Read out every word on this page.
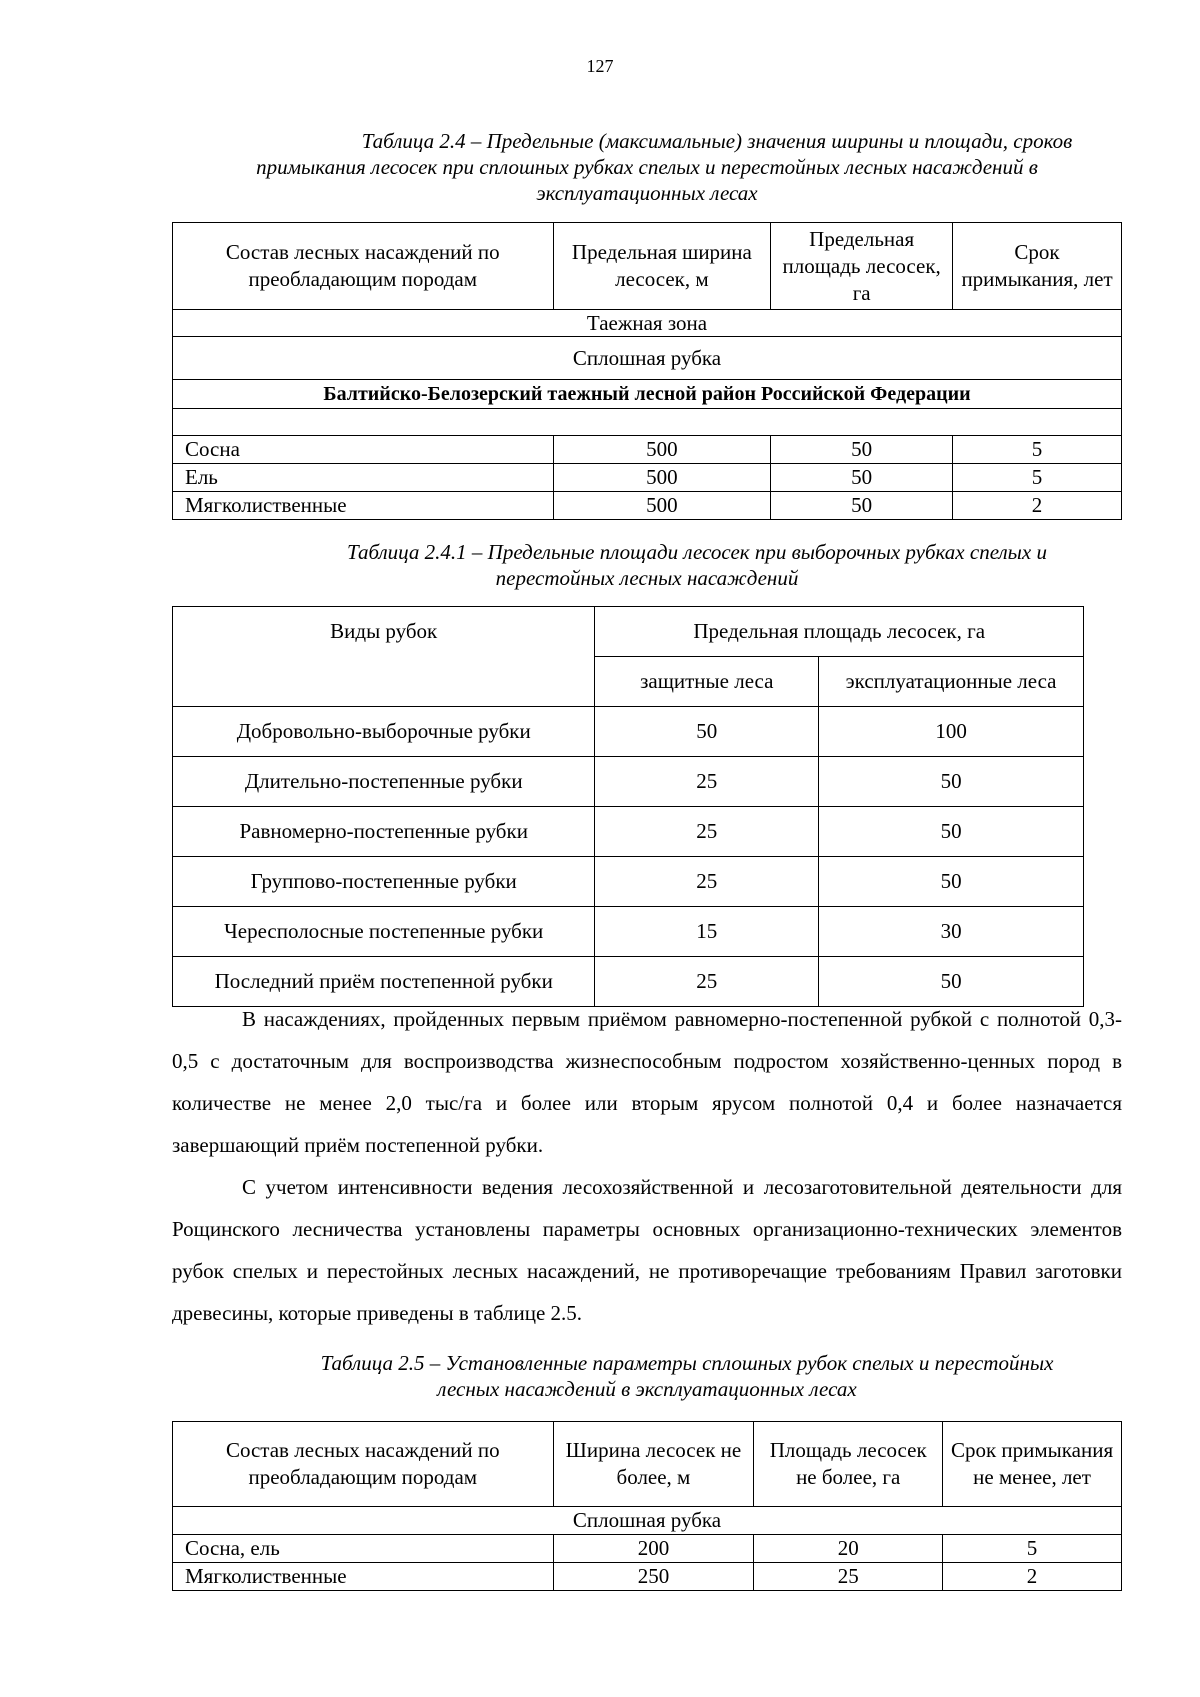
127
Таблица 2.4 – Предельные (максимальные) значения ширины и площади, сроков
примыкания лесосек при сплошных рубках спелых и перестойных лесных насаждений в
эксплуатационных лесах
Состав лесных насаждений по преобладающим породам	Предельная ширина лесосек, м	Предельная площадь лесосек, га	Срок примыкания, лет
Таежная зона			
Сплошная рубка			
Балтийско-Белозерский таежный лесной район Российской Федерации			

Сосна	500	50	5
Ель	500	50	5
Мягколиственные	500	50	2
Таблица 2.4.1 – Предельные площади лесосек при выборочных рубках спелых и
перестойных лесных насаждений
Виды рубок	Предельная площадь лесосек, га	
	защитные леса	эксплуатационные леса
Добровольно-выборочные рубки	50	100
Длительно-постепенные рубки	25	50
Равномерно-постепенные рубки	25	50
Группово-постепенные рубки	25	50
Чересполосные постепенные рубки	15	30
Последний приём постепенной рубки	25	50

В насаждениях, пройденных первым приёмом равномерно-постепенной рубкой с полнотой 0,3-0,5 с достаточным для воспроизводства жизнеспособным подростом хозяйственно-ценных пород в количестве не менее 2,0 тыс/га и более или вторым ярусом полнотой 0,4 и более назначается завершающий приём постепенной рубки.

С учетом интенсивности ведения лесохозяйственной и лесозаготовительной деятельности для Рощинского лесничества установлены параметры основных организационно-технических элементов рубок спелых и перестойных лесных насаждений, не противоречащие требованиям Правил заготовки древесины, которые приведены в таблице 2.5.

Таблица 2.5 – Установленные параметры сплошных рубок спелых и перестойных
лесных насаждений в эксплуатационных лесах
Состав лесных насаждений по преобладающим породам	Ширина лесосек не более, м	Площадь лесосек не более, га	Срок примыкания не менее, лет
Сплошная рубка			
Сосна, ель	200	20	5
Мягколиственные	250	25	2
